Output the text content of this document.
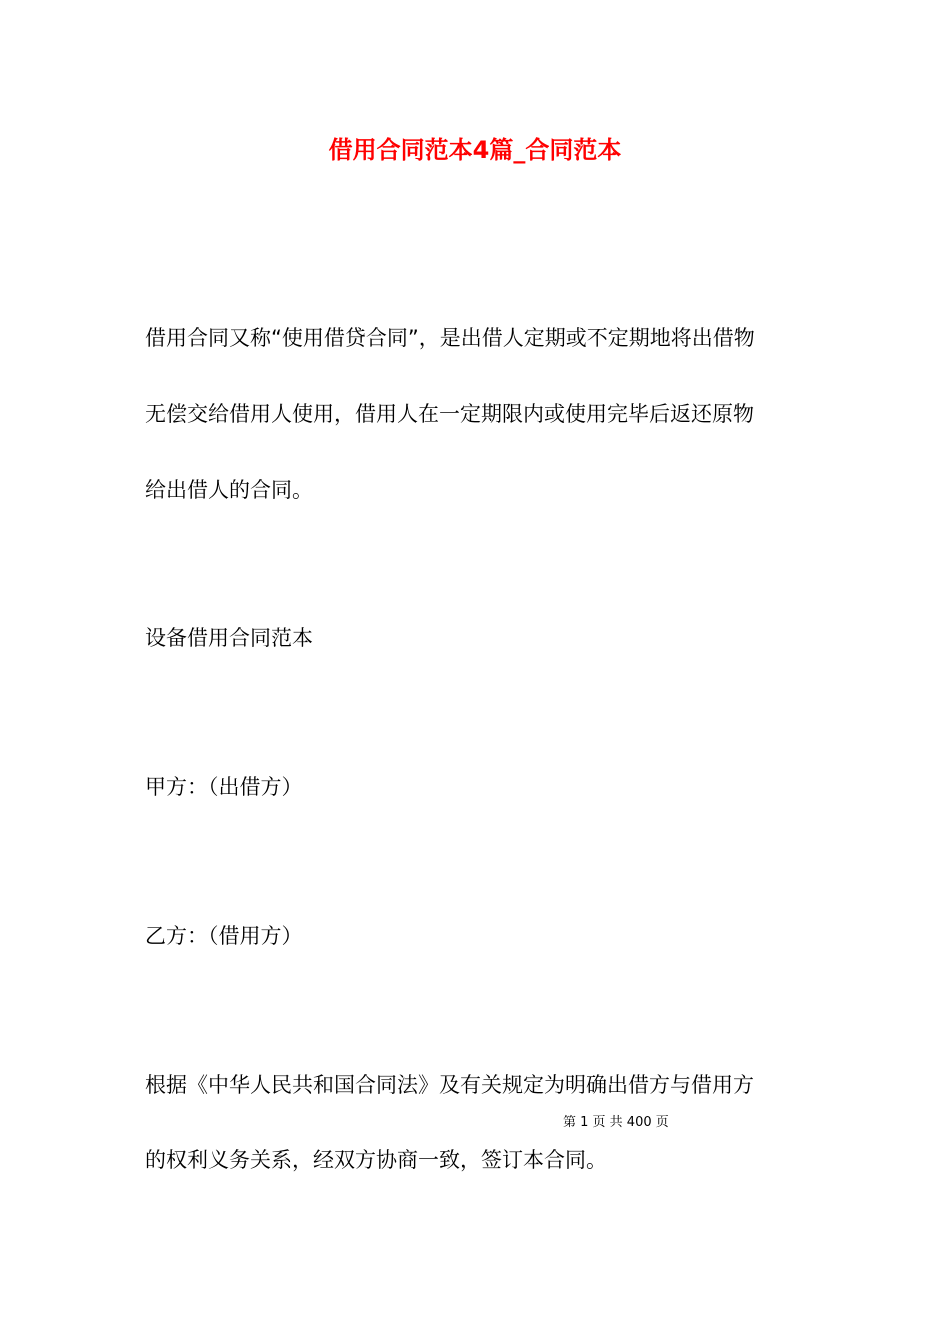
借用合同范本4篇_合同范本
借用合同又称“使用借贷合同”，是出借人定期或不定期地将出借物
无偿交给借用人使用，借用人在一定期限内或使用完毕后返还原物
给出借人的合同。
设备借用合同范本
甲方：（出借方）
乙方：（借用方）
根据《中华人民共和国合同法》及有关规定为明确出借方与借用方
第 1 页 共 400 页
的权利义务关系，经双方协商一致，签订本合同。
